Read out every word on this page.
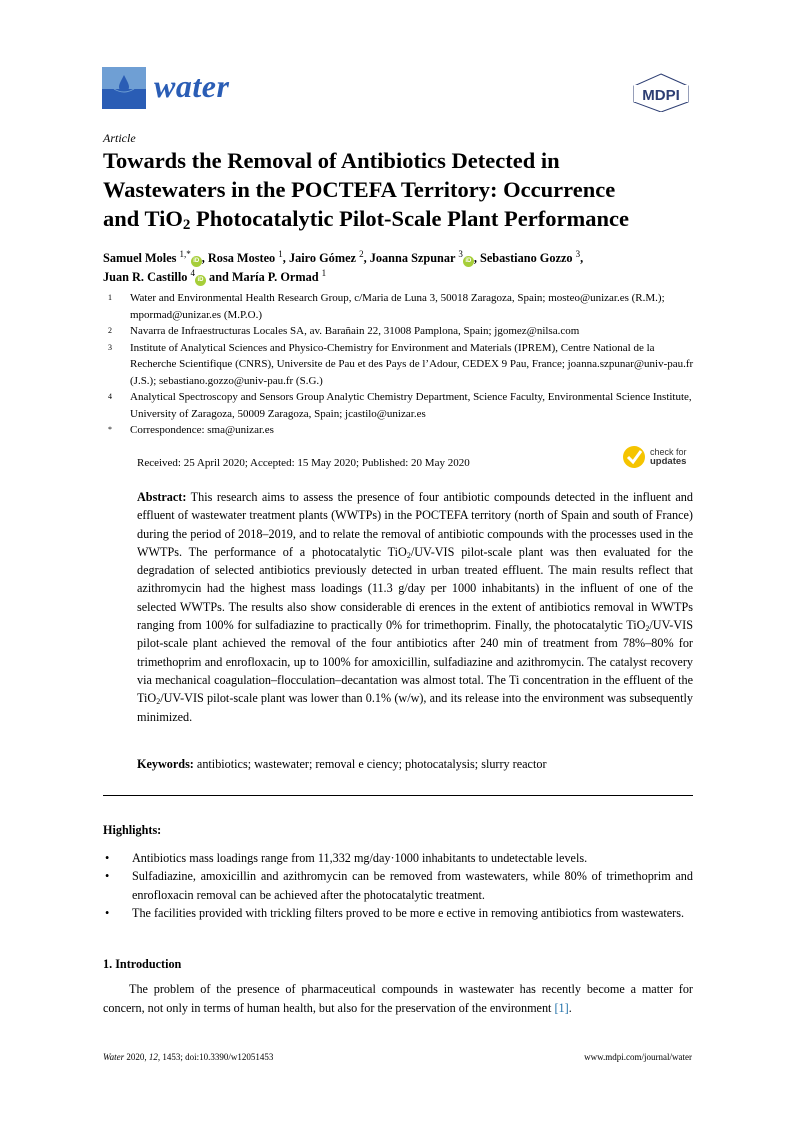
water	MDPI
Article
Towards the Removal of Antibiotics Detected in
Wastewaters in the POCTEFA Territory: Occurrence
and TiO$_2$ Photocatalytic Pilot-Scale Plant Performance
Samuel Moles $^{1,*}$iD , Rosa Mosteo $^1$, Jairo Gómez $^2$, Joanna Szpunar $^3$iD , Sebastiano Gozzo $^3$,
Juan R. Castillo $^4$iD and María P. Ormad $^1$
1	Water and Environmental Health Research Group, c/Maria de Luna 3, 50018 Zaragoza, Spain; mosteo@unizar.es (R.M.); mpormad@unizar.es (M.P.O.)
2	Navarra de Infraestructuras Locales SA, av. Barañain 22, 31008 Pamplona, Spain; jgomez@nilsa.com
3	Institute of Analytical Sciences and Physico-Chemistry for Environment and Materials (IPREM), Centre National de la Recherche Scientifique (CNRS), Universite de Pau et des Pays de l’Adour, CEDEX 9 Pau, France; joanna.szpunar@univ-pau.fr (J.S.); sebastiano.gozzo@univ-pau.fr (S.G.)
4	Analytical Spectroscopy and Sensors Group Analytic Chemistry Department, Science Faculty, Environmental Science Institute, University of Zaragoza, 50009 Zaragoza, Spain; jcastilo@unizar.es
*	Correspondence: sma@unizar.es
Received: 25 April 2020; Accepted: 15 May 2020; Published: 20 May 2020
check for
updates
Abstract: This research aims to assess the presence of four antibiotic compounds detected in the influent and effluent of wastewater treatment plants (WWTPs) in the POCTEFA territory (north of Spain and south of France) during the period of 2018–2019, and to relate the removal of antibiotic compounds with the processes used in the WWTPs. The performance of a photocatalytic TiO$_2$/UV-VIS pilot-scale plant was then evaluated for the degradation of selected antibiotics previously detected in urban treated effluent. The main results reflect that azithromycin had the highest mass loadings (11.3 g/day per 1000 inhabitants) in the influent of one of the selected WWTPs. The results also show considerable di erences in the extent of antibiotics removal in WWTPs ranging from 100% for sulfadiazine to practically 0% for trimethoprim. Finally, the photocatalytic TiO$_2$/UV-VIS pilot-scale plant achieved the removal of the four antibiotics after 240 min of treatment from 78%–80% for trimethoprim and enrofloxacin, up to 100% for amoxicillin, sulfadiazine and azithromycin. The catalyst recovery via mechanical coagulation–flocculation–decantation was almost total. The Ti concentration in the effluent of the TiO$_2$/UV-VIS pilot-scale plant was lower than 0.1% (w/w), and its release into the environment was subsequently minimized.
Keywords: antibiotics; wastewater; removal e ciency; photocatalysis; slurry reactor
Highlights:
•	Antibiotics mass loadings range from 11,332 mg/day·1000 inhabitants to undetectable levels.
•	Sulfadiazine, amoxicillin and azithromycin can be removed from wastewaters, while 80% of trimethoprim and enrofloxacin removal can be achieved after the photocatalytic treatment.
•	The facilities provided with trickling filters proved to be more e ective in removing antibiotics from wastewaters.
1. Introduction
The problem of the presence of pharmaceutical compounds in wastewater has recently become a matter for concern, not only in terms of human health, but also for the preservation of the environment [1].
Water 2020, 12, 1453; doi:10.3390/w12051453	www.mdpi.com/journal/water
